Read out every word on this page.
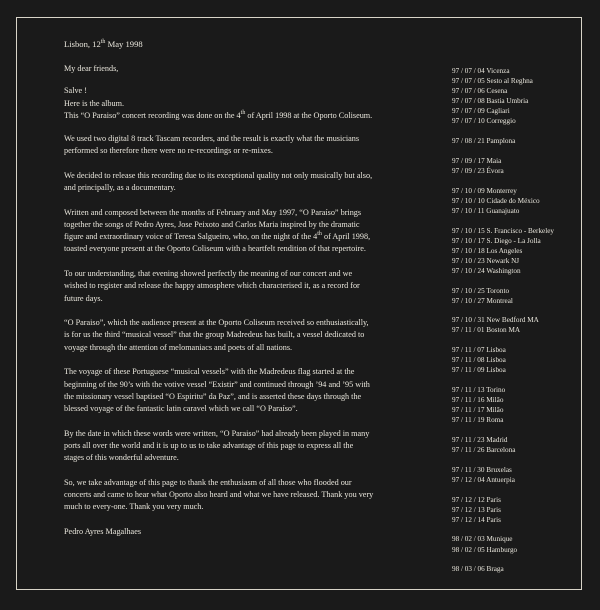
Lisbon, 12th May 1998

My dear friends,

Salve !
Here is the album.
This “O Paraiso” concert recording was done on the 4th of April 1998 at the Oporto Coliseum.

We used two digital 8 track Tascam recorders, and the result is exactly what the musicians performed so therefore there were no re-recordings or re-mixes.

We decided to release this recording due to its exceptional quality not only musically but also, and principally, as a documentary.

Written and composed between the months of February and May 1997, “O Paraíso” brings together the songs of Pedro Ayres, Jose Peixoto and Carlos Maria inspired by the dramatic figure and extraordinary voice of Teresa Salgueiro, who, on the night of the 4th of April 1998, toasted everyone present at the Oporto Coliseum with a heartfelt rendition of that repertoire.

To our understanding, that evening showed perfectly the meaning of our concert and we wished to register and release the happy atmosphere which characterised it, as a record for future days.

“O Paraiso”, which the audience present at the Oporto Coliseum received so enthusiastically, is for us the third “musical vessel” that the group Madredeus has built, a vessel dedicated to voyage through the attention of melomaniacs and poets of all nations.

The voyage of these Portuguese “musical vessels” with the Madredeus flag started at the beginning of the 90’s with the votive vessel “Existir” and continued through ’94 and ’95 with the missionary vessel baptised “O Espiritu” da Paz”, and is asserted these days through the blessed voyage of the fantastic latin caravel which we call “O Paraíso”.

By the date in which these words were written, “O Paraiso” had already been played in many ports all over the world and it is up to us to take advantage of this page to express all the stages of this wonderful adventure.

So, we take advantage of this page to thank the enthusiasm of all those who flooded our concerts and came to hear what Oporto also heard and what we have released. Thank you very much to every-one. Thank you very much.

Pedro Ayres Magalhaes

97 / 07 / 04 Vicenza
97 / 07 / 05 Sesto al Reghna
97 / 07 / 06 Cesena
97 / 07 / 08 Bastia Umbria
97 / 07 / 09 Cagliari
97 / 07 / 10 Correggio
97 / 08 / 21 Pamplona
97 / 09 / 17 Maia
97 / 09 / 23 Évora
97 / 10 / 09 Monterrey
97 / 10 / 10 Cidade do México
97 / 10 / 11 Guanajuato
97 / 10 / 15 S. Francisco - Berkeley
97 / 10 / 17 S. Diego - La Jolla
97 / 10 / 18 Los Angeles
97 / 10 / 23 Newark NJ
97 / 10 / 24 Washington
97 / 10 / 25 Toronto
97 / 10 / 27 Montreal
97 / 10 / 31 New Bedford MA
97 / 11 / 01 Boston MA
97 / 11 / 07 Lisboa
97 / 11 / 08 Lisboa
97 / 11 / 09 Lisboa
97 / 11 / 13 Torino
97 / 11 / 16 Milão
97 / 11 / 17 Milão
97 / 11 / 19 Roma
97 / 11 / 23 Madrid
97 / 11 / 26 Barcelona
97 / 11 / 30 Bruxelas
97 / 12 / 04 Antuerpia
97 / 12 / 12 Paris
97 / 12 / 13 Paris
97 / 12 / 14 Paris
98 / 02 / 03 Munique
98 / 02 / 05 Hamburgo
98 / 03 / 06 Braga
